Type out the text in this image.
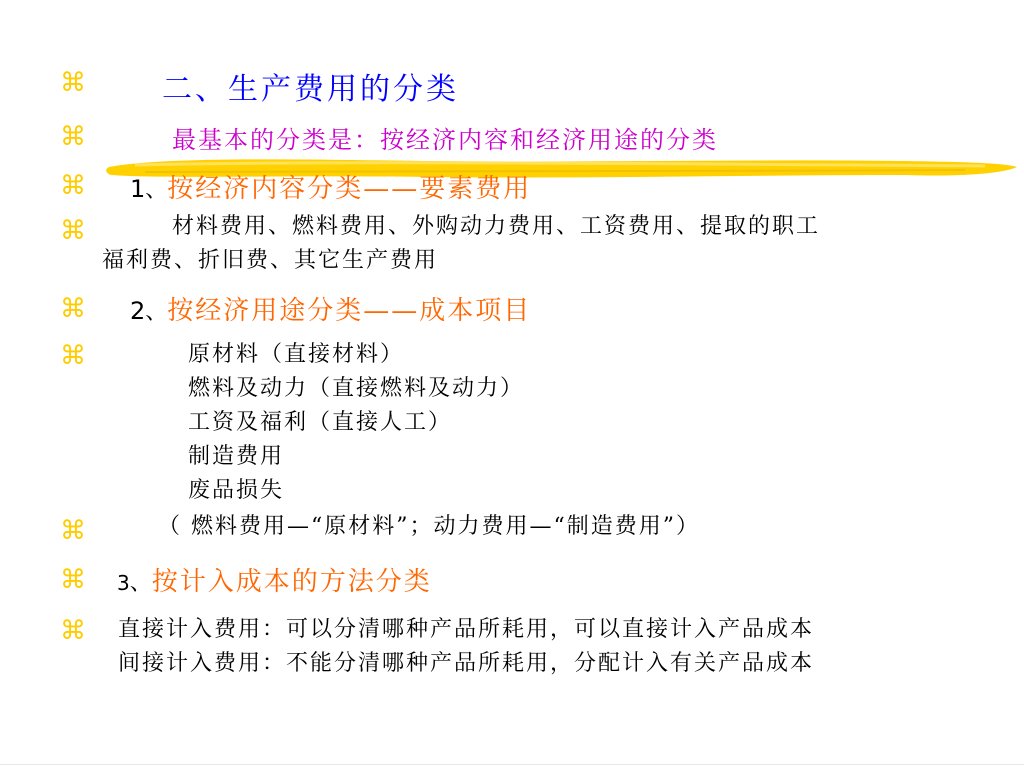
⌘	二、生产费用的分类
⌘	最基本的分类是：按经济内容和经济用途的分类
⌘ 1、按经济内容分类——要素费用
⌘	材料费用、燃料费用、外购动力费用、工资费用、提取的职工
福利费、折旧费、其它生产费用
⌘ 2、按经济用途分类——成本项目
⌘	原材料（直接材料）
燃料及动力（直接燃料及动力）
工资及福利（直接人工）
制造费用
废品损失
⌘	（ 燃料费用—“原材料”；动力费用—“制造费用”）
⌘ 3、按计入成本的方法分类
⌘ 直接计入费用：可以分清哪种产品所耗用，可以直接计入产品成本
间接计入费用：不能分清哪种产品所耗用，分配计入有关产品成本
